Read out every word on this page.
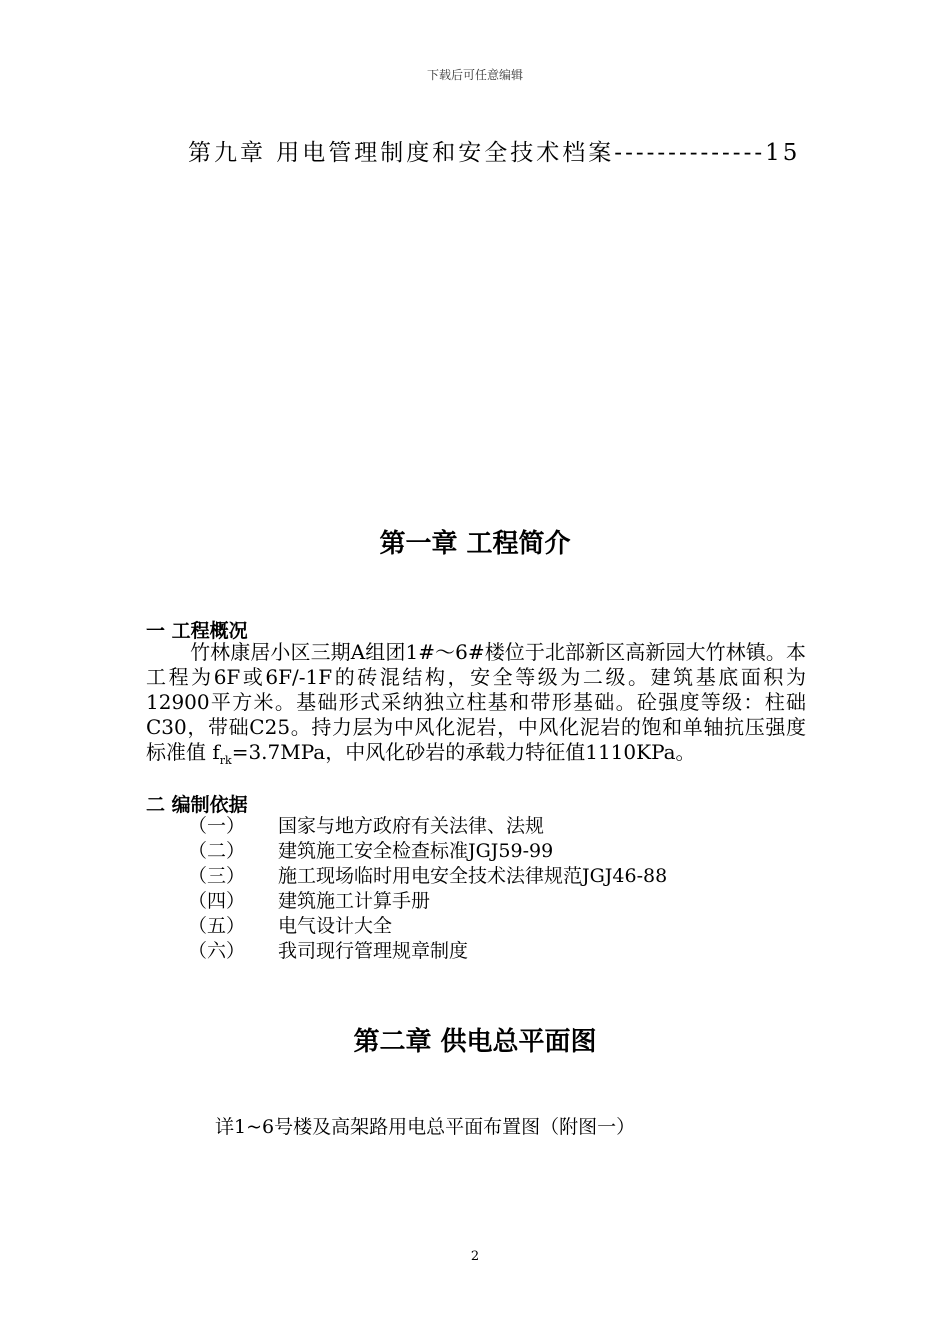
下载后可任意编辑
第九章 用电管理制度和安全技术档案--------------15
第一章 工程简介
一 工程概况
竹林康居小区三期A组团1#～6#楼位于北部新区高新园大竹林镇。本工程为6F或6F/-1F的砖混结构，安全等级为二级。建筑基底面积为 12900平方米。基础形式采纳独立柱基和带形基础。砼强度等级：柱础C30，带础C25。持力层为中风化泥岩，中风化泥岩的饱和单轴抗压强度标准值 $f_{rk}=3.7MPa$，中风化砂岩的承载力特征值1110KPa。
二 编制依据
（一） 国家与地方政府有关法律、法规
（二） 建筑施工安全检查标准JGJ59-99
（三） 施工现场临时用电安全技术法律规范JGJ46-88
（四） 建筑施工计算手册
（五） 电气设计大全
（六） 我司现行管理规章制度
第二章 供电总平面图
详1~6号楼及高架路用电总平面布置图（附图一）
2
